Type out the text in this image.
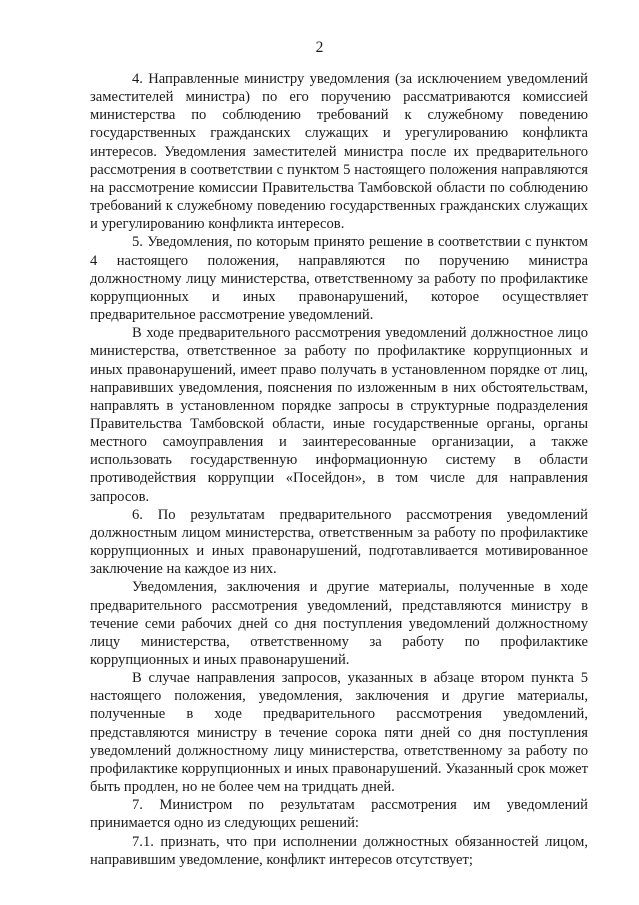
2

4. Направленные министру уведомления (за исключением уведомлений заместителей министра) по его поручению рассматриваются комиссией министерства по соблюдению требований к служебному поведению государственных гражданских служащих и урегулированию конфликта интересов. Уведомления заместителей министра после их предварительного рассмотрения в соответствии с пунктом 5 настоящего положения направляются на рассмотрение комиссии Правительства Тамбовской области по соблюдению требований к служебному поведению государственных гражданских служащих и урегулированию конфликта интересов.

5. Уведомления, по которым принято решение в соответствии с пунктом 4 настоящего положения, направляются по поручению министра должностному лицу министерства, ответственному за работу по профилактике коррупционных и иных правонарушений, которое осуществляет предварительное рассмотрение уведомлений.

В ходе предварительного рассмотрения уведомлений должностное лицо министерства, ответственное за работу по профилактике коррупционных и иных правонарушений, имеет право получать в установленном порядке от лиц, направивших уведомления, пояснения по изложенным в них обстоятельствам, направлять в установленном порядке запросы в структурные подразделения Правительства Тамбовской области, иные государственные органы, органы местного самоуправления и заинтересованные организации, а также использовать государственную информационную систему в области противодействия коррупции «Посейдон», в том числе для направления запросов.

6. По результатам предварительного рассмотрения уведомлений должностным лицом министерства, ответственным за работу по профилактике коррупционных и иных правонарушений, подготавливается мотивированное заключение на каждое из них.

Уведомления, заключения и другие материалы, полученные в ходе предварительного рассмотрения уведомлений, представляются министру в течение семи рабочих дней со дня поступления уведомлений должностному лицу министерства, ответственному за работу по профилактике коррупционных и иных правонарушений.

В случае направления запросов, указанных в абзаце втором пункта 5 настоящего положения, уведомления, заключения и другие материалы, полученные в ходе предварительного рассмотрения уведомлений, представляются министру в течение сорока пяти дней со дня поступления уведомлений должностному лицу министерства, ответственному за работу по профилактике коррупционных и иных правонарушений. Указанный срок может быть продлен, но не более чем на тридцать дней.

7. Министром по результатам рассмотрения им уведомлений принимается одно из следующих решений:

7.1. признать, что при исполнении должностных обязанностей лицом, направившим уведомление, конфликт интересов отсутствует;
